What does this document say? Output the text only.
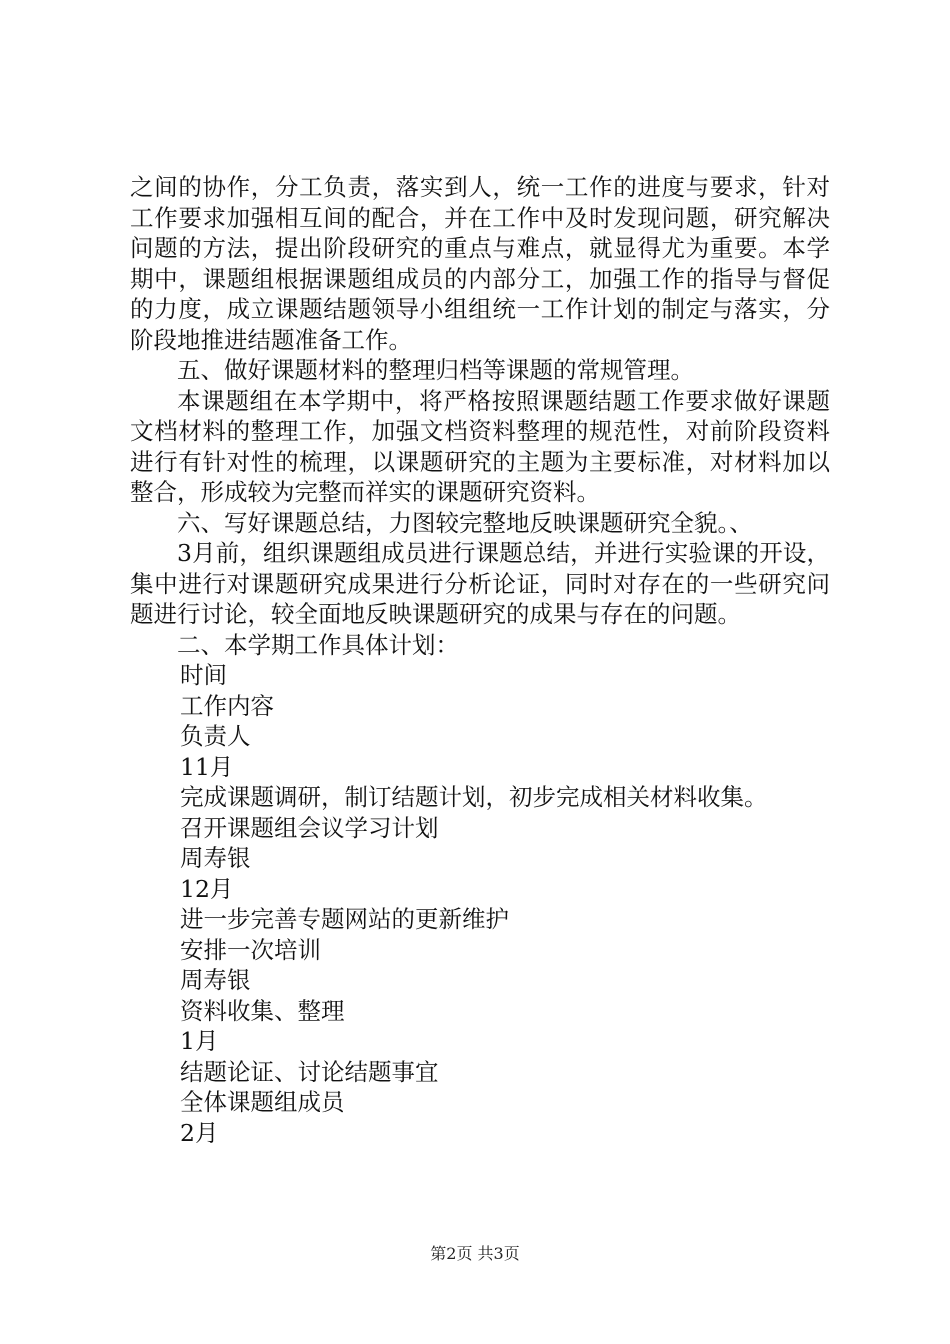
之间的协作，分工负责，落实到人，统一工作的进度与要求，针对工作要求加强相互间的配合，并在工作中及时发现问题，研究解决问题的方法，提出阶段研究的重点与难点，就显得尤为重要。本学期中，课题组根据课题组成员的内部分工，加强工作的指导与督促的力度，成立课题结题领导小组组统一工作计划的制定与落实，分阶段地推进结题准备工作。

五、做好课题材料的整理归档等课题的常规管理。

本课题组在本学期中，将严格按照课题结题工作要求做好课题文档材料的整理工作，加强文档资料整理的规范性，对前阶段资料进行有针对性的梳理，以课题研究的主题为主要标准，对材料加以整合，形成较为完整而祥实的课题研究资料。

六、写好课题总结，力图较完整地反映课题研究全貌。、

3月前，组织课题组成员进行课题总结，并进行实验课的开设，集中进行对课题研究成果进行分析论证，同时对存在的一些研究问题进行讨论，较全面地反映课题研究的成果与存在的问题。

二、本学期工作具体计划：

时间

工作内容

负责人

11月

完成课题调研，制订结题计划，初步完成相关材料收集。

召开课题组会议学习计划

周寿银

12月

进一步完善专题网站的更新维护

安排一次培训

周寿银

资料收集、整理

1月

结题论证、讨论结题事宜

全体课题组成员

2月

第2页 共3页
